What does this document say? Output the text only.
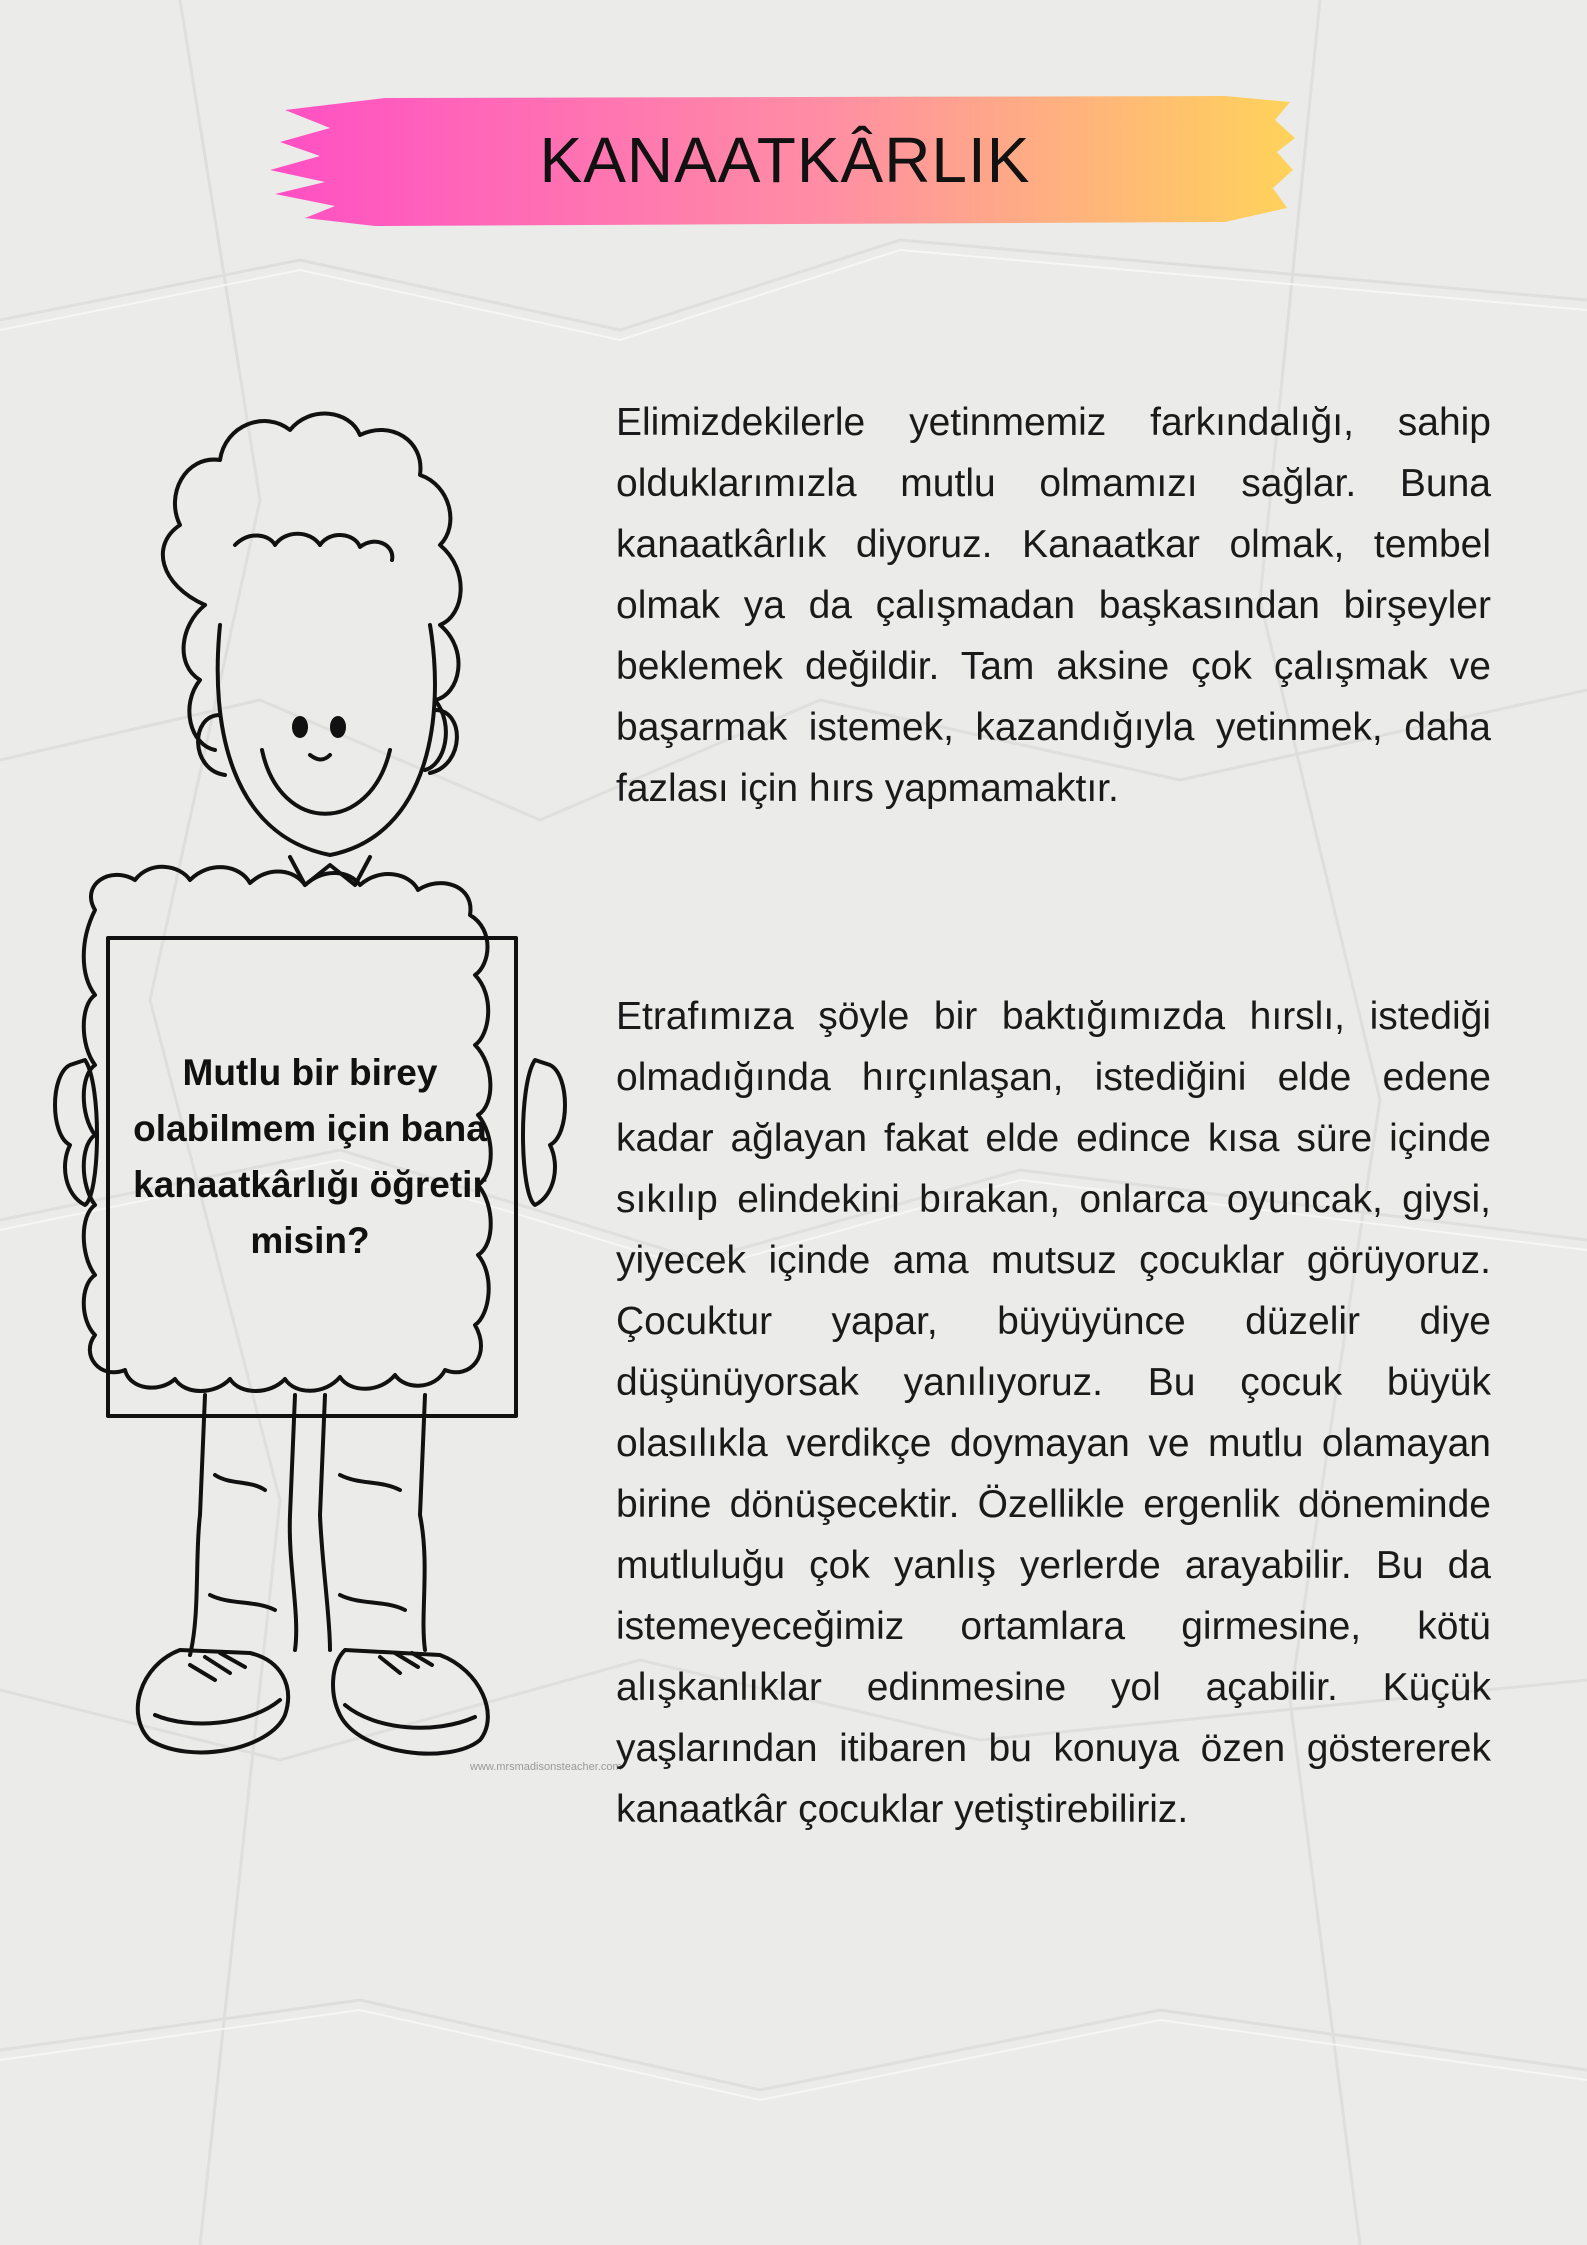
KANAATKÂRLIK
www.mrsmadisonsteacher.com

Mutlu bir birey olabilmem için bana kanaatkârlığı öğretir misin?

Elimizdekilerle yetinmemiz farkındalığı, sahip olduklarımızla mutlu olmamızı sağlar. Buna kanaatkârlık diyoruz. Kanaatkar olmak, tembel olmak ya da çalışmadan başkasından birşeyler beklemek değildir. Tam aksine çok çalışmak ve başarmak istemek, kazandığıyla yetinmek, daha fazlası için hırs yapmamaktır.

Etrafımıza şöyle bir baktığımızda hırslı, istediği olmadığında hırçınlaşan, istediğini elde edene kadar ağlayan fakat elde edince kısa süre içinde sıkılıp elindekini bırakan, onlarca oyuncak, giysi, yiyecek içinde ama mutsuz çocuklar görüyoruz. Çocuktur yapar, büyüyünce düzelir diye düşünüyorsak yanılıyoruz. Bu çocuk büyük olasılıkla verdikçe doymayan ve mutlu olamayan birine dönüşecektir. Özellikle ergenlik döneminde mutluluğu çok yanlış yerlerde arayabilir. Bu da istemeyeceğimiz ortamlara girmesine, kötü alışkanlıklar edinmesine yol açabilir. Küçük yaşlarından itibaren bu konuya özen göstererek kanaatkâr çocuklar yetiştirebiliriz.
